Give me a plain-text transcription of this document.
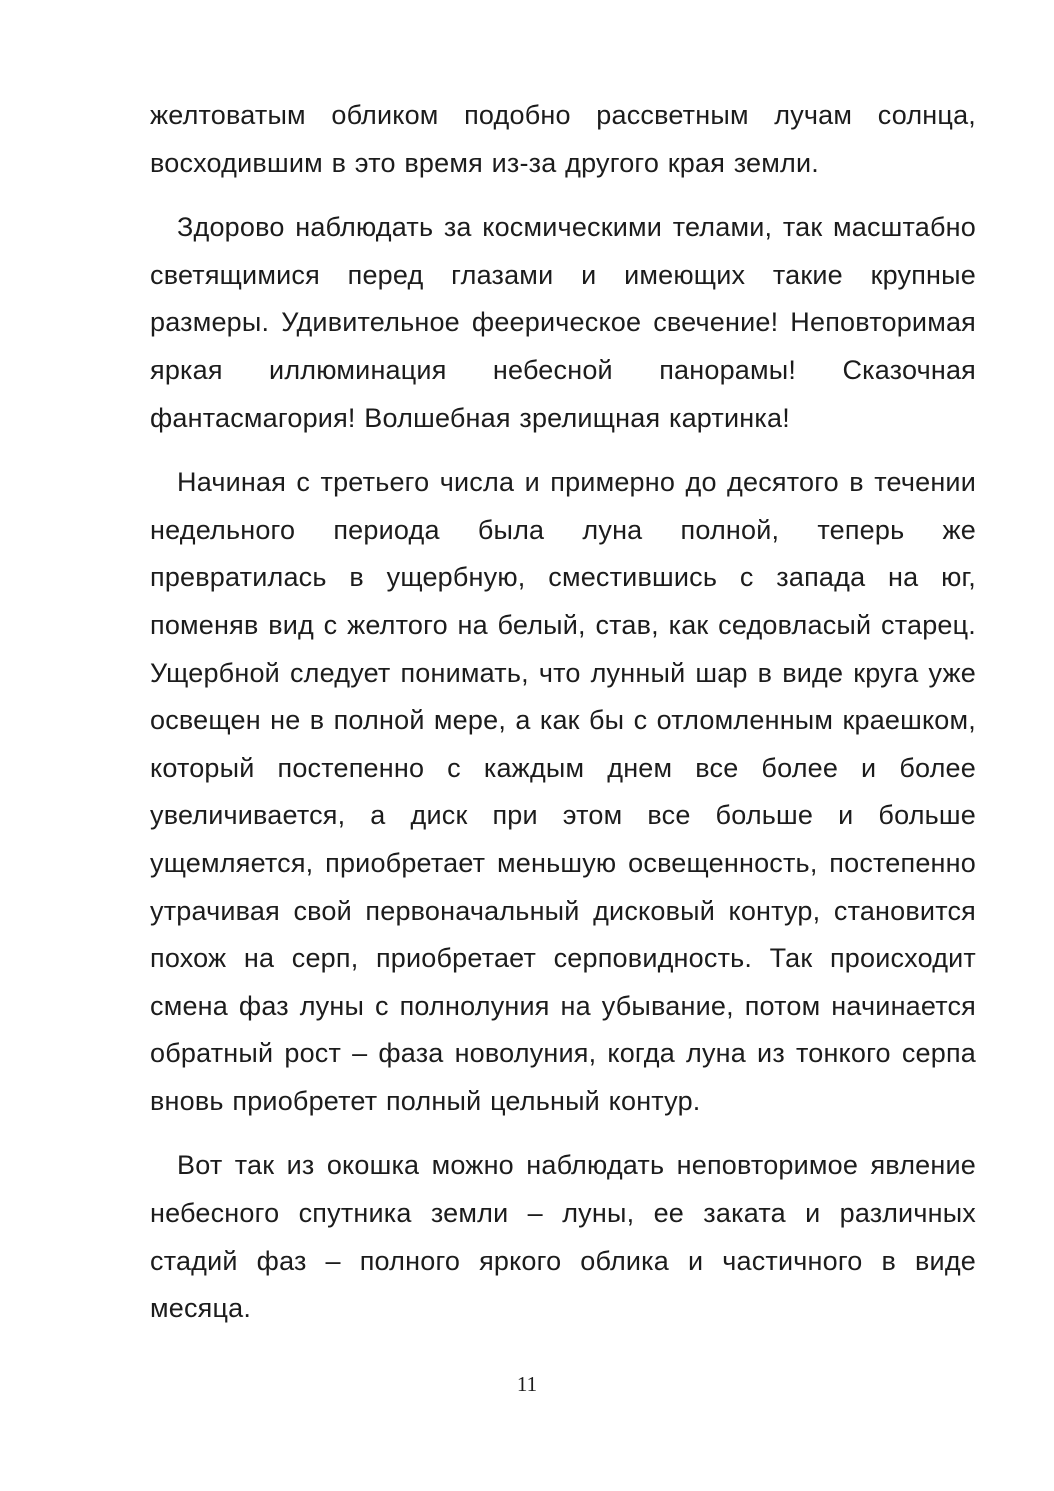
желтоватым обликом подобно рассветным лучам солнца, восходившим в это время из-за другого края земли.

Здорово наблюдать за космическими телами, так масштабно светящимися перед глазами и имеющих такие крупные размеры. Удивительное феерическое свечение! Неповторимая яркая иллюминация небесной панорамы! Сказочная фантасмагория! Волшебная зрелищная картинка!

Начиная с третьего числа и примерно до десятого в течении недельного периода была луна полной, теперь же превратилась в ущербную, сместившись с запада на юг, поменяв вид с желтого на белый, став, как седовласый старец. Ущербной следует понимать, что лунный шар в виде круга уже освещен не в полной мере, а как бы с отломленным краешком, который постепенно с каждым днем все более и более увеличивается, а диск при этом все больше и больше ущемляется, приобретает меньшую освещенность, постепенно утрачивая свой первоначальный дисковый контур, становится похож на серп, приобретает серповидность. Так происходит смена фаз луны с полнолуния на убывание, потом начинается обратный рост – фаза новолуния, когда луна из тонкого серпа вновь приобретет полный цельный контур.

Вот так из окошка можно наблюдать неповторимое явление небесного спутника земли – луны, ее заката и различных стадий фаз – полного яркого облика и частичного в виде месяца.

11
